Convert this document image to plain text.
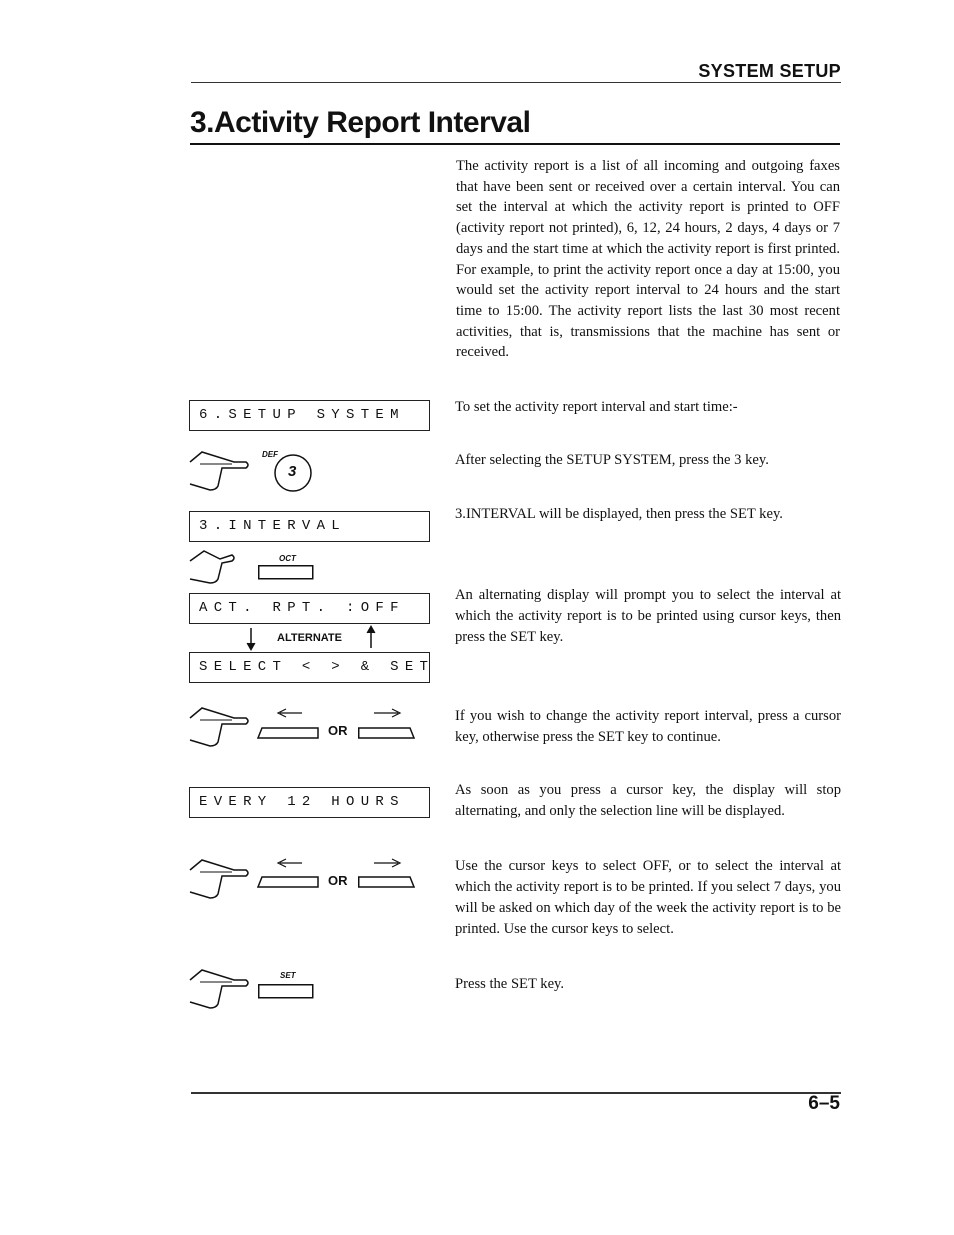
SYSTEM SETUP
3.Activity Report Interval
The activity report is a list of all incoming and outgoing faxes that have been sent or received over a certain interval. You can set the interval at which the activity report is printed to OFF (activity report not printed), 6, 12, 24 hours, 2 days, 4 days or 7 days and the start time at which the activity report is first printed. For example, to print the activity report once a day at 15:00, you would set the activity report interval to 24 hours and the start time to 15:00. The activity report lists the last 30 most recent activities, that is, transmissions that the machine has sent or received.
To set the activity report interval and start time:-
After selecting the SETUP SYSTEM, press the 3 key.
3.INTERVAL will be displayed, then press the SET key.
An alternating display will prompt you to select the interval at which the activity report is to be printed using cursor keys, then press the SET key.
If you wish to change the activity report interval, press a cursor key, otherwise press the SET key to continue.
As soon as you press a cursor key, the display will stop alternating, and only the selection line will be displayed.
Use the cursor keys to select OFF, or to select the interval at which the activity report is to be printed. If you select 7 days, you will be asked on which day of the week the activity report is to be printed. Use the cursor keys to select.
Press the SET key.
6.SETUP SYSTEM
3.INTERVAL
ACT. RPT. :OFF
SELECT < > & SET
EVERY 12 HOURS
DEF
3
OCT
ALTERNATE
OR
OR
SET
6–5
